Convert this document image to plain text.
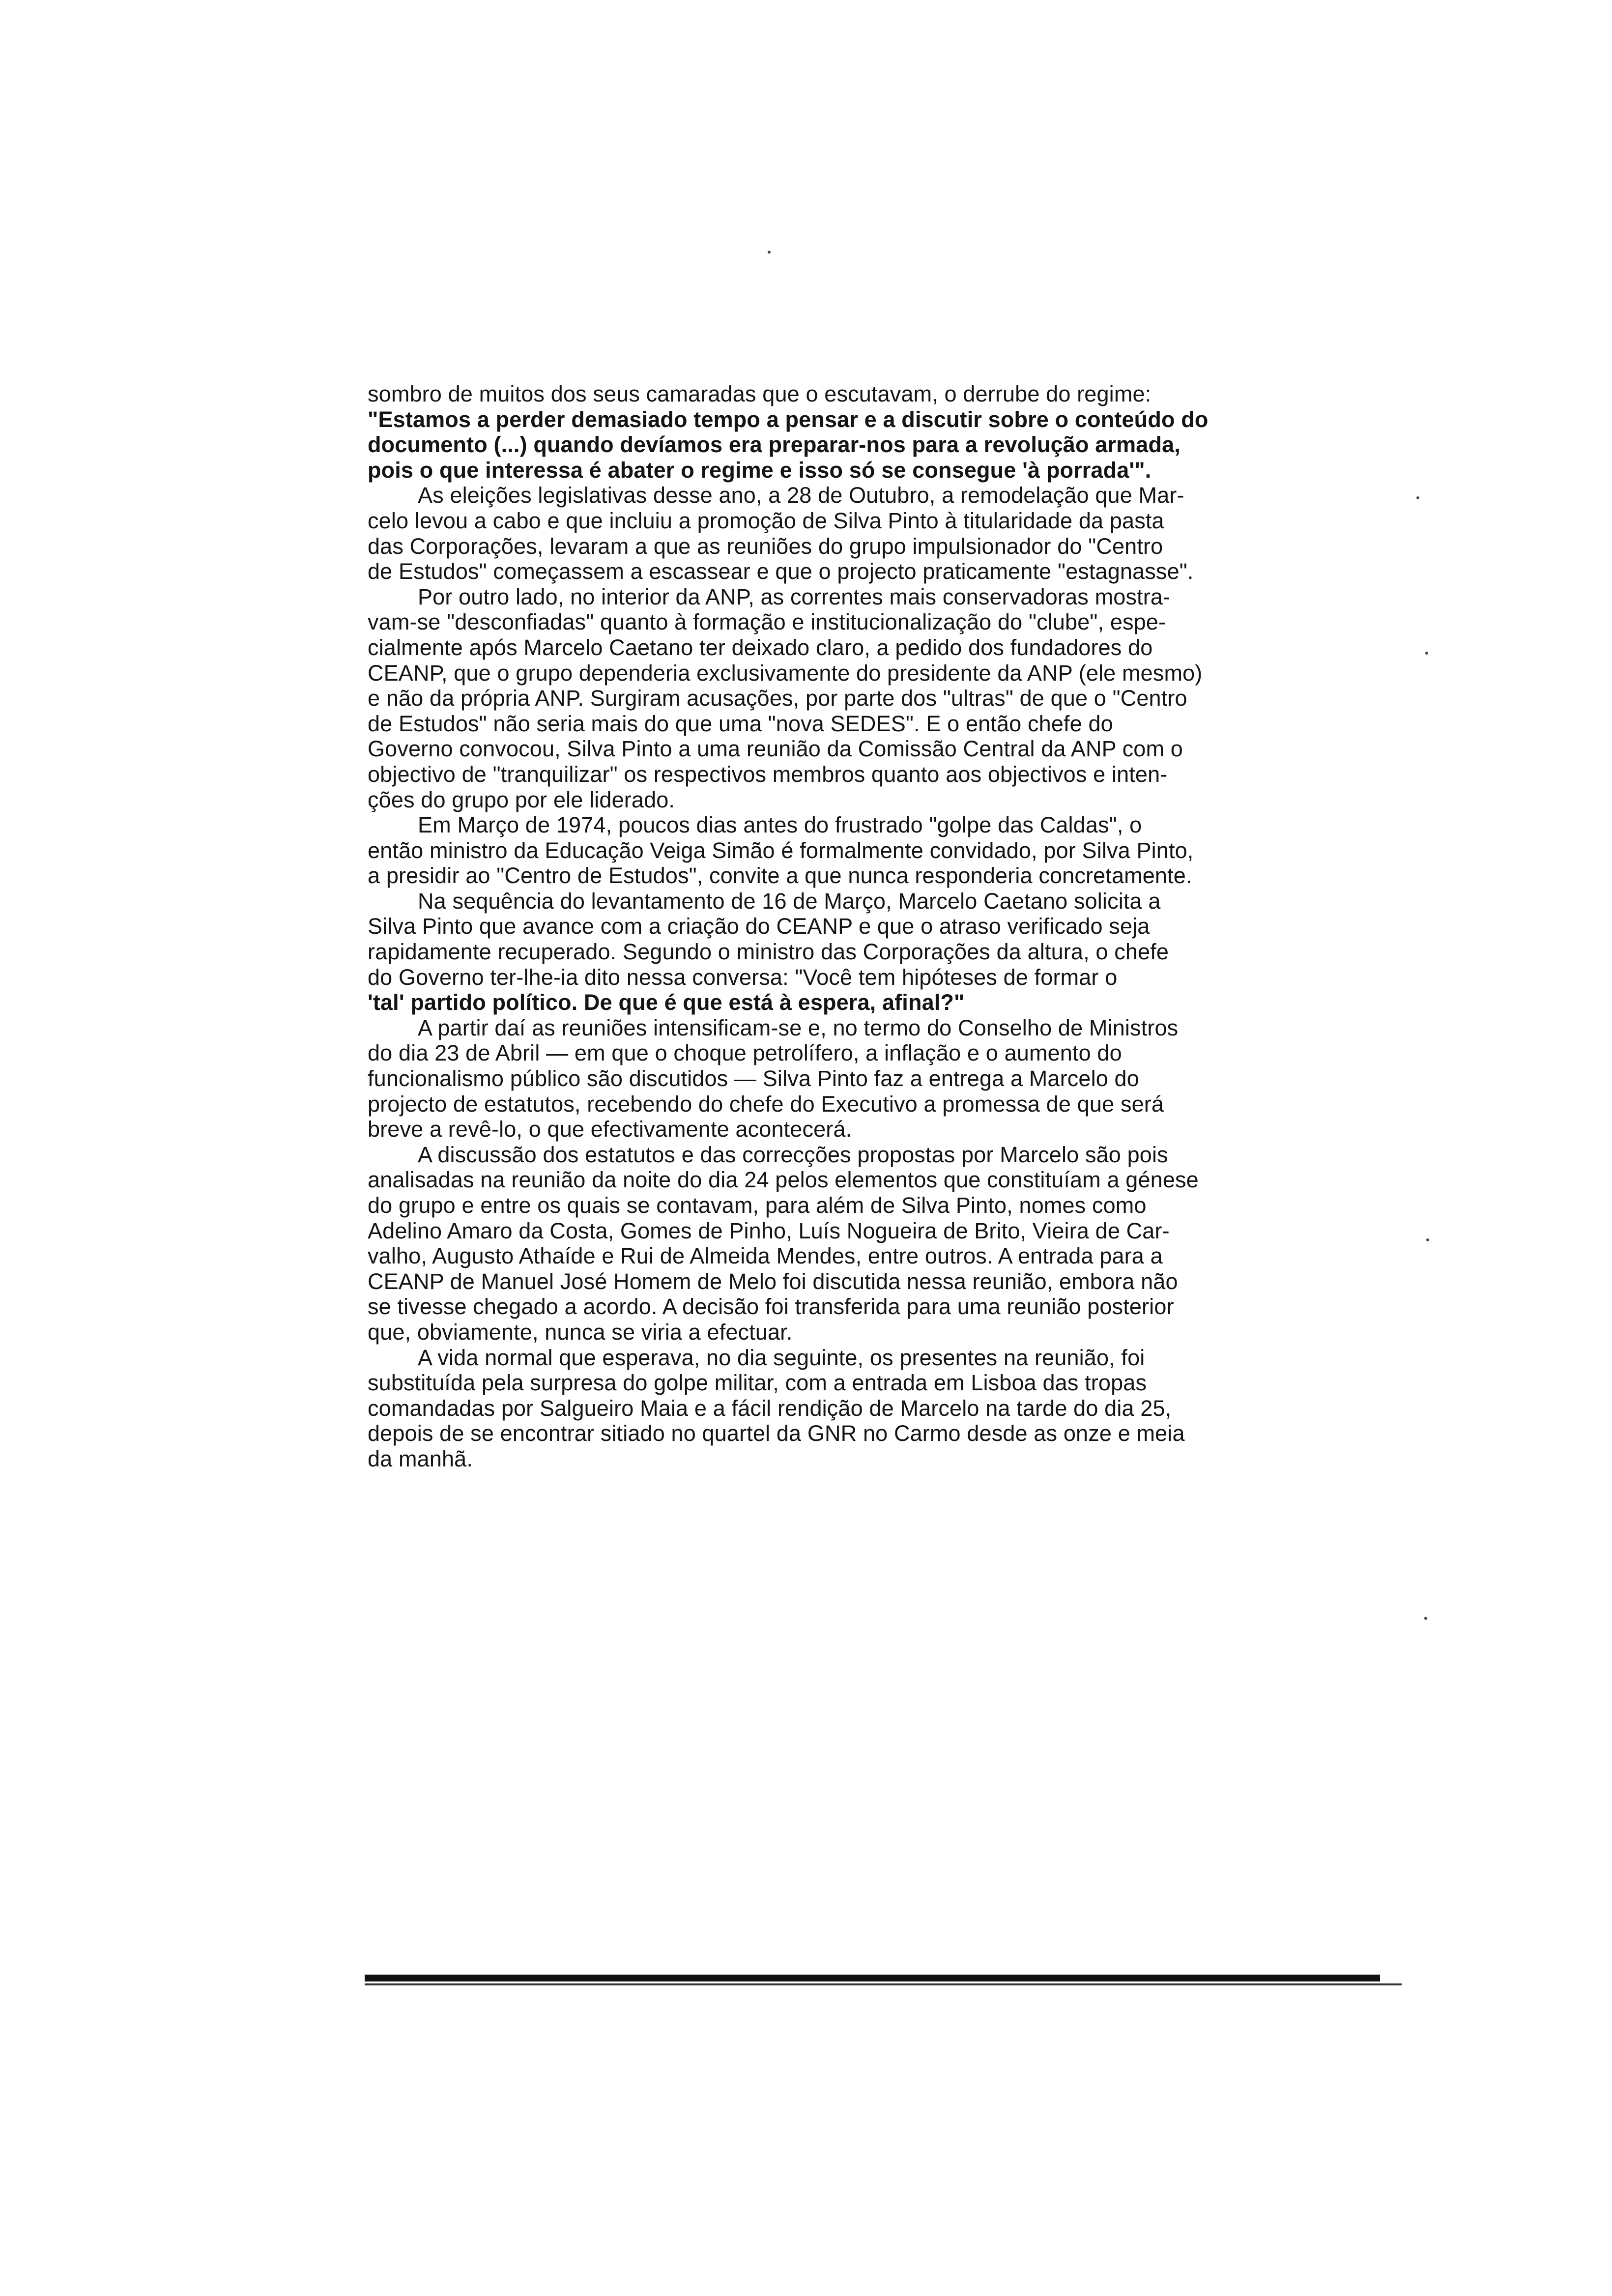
sombro de muitos dos seus camaradas que o escutavam, o derrube do regime:
"Estamos a perder demasiado tempo a pensar e a discutir sobre o conteúdo do
documento (...) quando devíamos era preparar-nos para a revolução armada,
pois o que interessa é abater o regime e isso só se consegue 'à porrada'".
As eleições legislativas desse ano, a 28 de Outubro, a remodelação que Mar-
celo levou a cabo e que incluiu a promoção de Silva Pinto à titularidade da pasta
das Corporações, levaram a que as reuniões do grupo impulsionador do "Centro
de Estudos" começassem a escassear e que o projecto praticamente "estagnasse".
Por outro lado, no interior da ANP, as correntes mais conservadoras mostra-
vam-se "desconfiadas" quanto à formação e institucionalização do "clube", espe-
cialmente após Marcelo Caetano ter deixado claro, a pedido dos fundadores do
CEANP, que o grupo dependeria exclusivamente do presidente da ANP (ele mesmo)
e não da própria ANP. Surgiram acusações, por parte dos "ultras" de que o "Centro
de Estudos" não seria mais do que uma "nova SEDES". E o então chefe do
Governo convocou, Silva Pinto a uma reunião da Comissão Central da ANP com o
objectivo de "tranquilizar" os respectivos membros quanto aos objectivos e inten-
ções do grupo por ele liderado.
Em Março de 1974, poucos dias antes do frustrado "golpe das Caldas", o
então ministro da Educação Veiga Simão é formalmente convidado, por Silva Pinto,
a presidir ao "Centro de Estudos", convite a que nunca responderia concretamente.
Na sequência do levantamento de 16 de Março, Marcelo Caetano solicita a
Silva Pinto que avance com a criação do CEANP e que o atraso verificado seja
rapidamente recuperado. Segundo o ministro das Corporações da altura, o chefe
do Governo ter-lhe-ia dito nessa conversa: "Você tem hipóteses de formar o
'tal' partido político. De que é que está à espera, afinal?"
A partir daí as reuniões intensificam-se e, no termo do Conselho de Ministros
do dia 23 de Abril — em que o choque petrolífero, a inflação e o aumento do
funcionalismo público são discutidos — Silva Pinto faz a entrega a Marcelo do
projecto de estatutos, recebendo do chefe do Executivo a promessa de que será
breve a revê-lo, o que efectivamente acontecerá.
A discussão dos estatutos e das correcções propostas por Marcelo são pois
analisadas na reunião da noite do dia 24 pelos elementos que constituíam a génese
do grupo e entre os quais se contavam, para além de Silva Pinto, nomes como
Adelino Amaro da Costa, Gomes de Pinho, Luís Nogueira de Brito, Vieira de Car-
valho, Augusto Athaíde e Rui de Almeida Mendes, entre outros. A entrada para a
CEANP de Manuel José Homem de Melo foi discutida nessa reunião, embora não
se tivesse chegado a acordo. A decisão foi transferida para uma reunião posterior
que, obviamente, nunca se viria a efectuar.
A vida normal que esperava, no dia seguinte, os presentes na reunião, foi
substituída pela surpresa do golpe militar, com a entrada em Lisboa das tropas
comandadas por Salgueiro Maia e a fácil rendição de Marcelo na tarde do dia 25,
depois de se encontrar sitiado no quartel da GNR no Carmo desde as onze e meia
da manhã.
